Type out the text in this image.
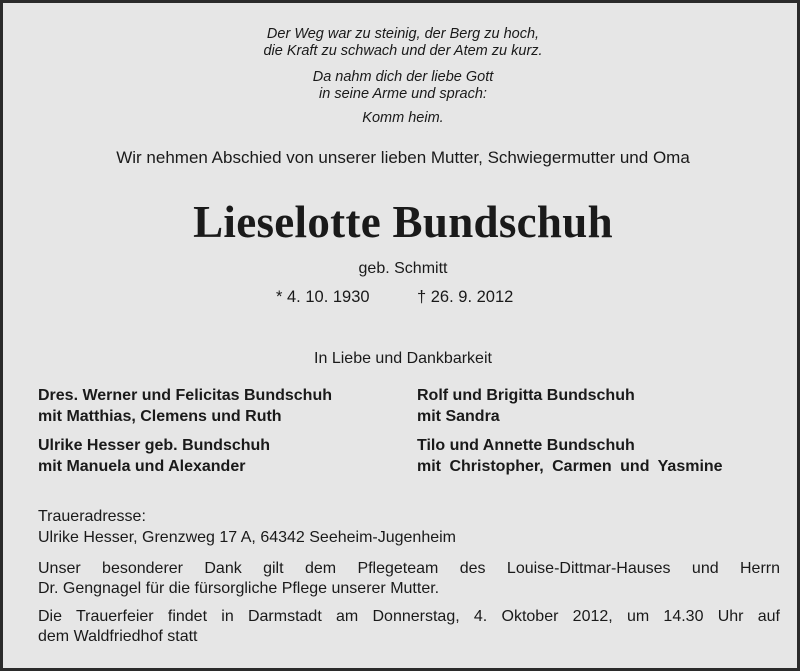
Der Weg war zu steinig, der Berg zu hoch,
die Kraft zu schwach und der Atem zu kurz.
Da nahm dich der liebe Gott
in seine Arme und sprach:
Komm heim.
Wir nehmen Abschied von unserer lieben Mutter, Schwiegermutter und Oma
Lieselotte Bundschuh
geb. Schmitt
* 4. 10. 1930	† 26. 9. 2012
In Liebe und Dankbarkeit
Dres. Werner und Felicitas Bundschuh
mit Matthias, Clemens und Ruth
Rolf und Brigitta Bundschuh
mit Sandra
Ulrike Hesser geb. Bundschuh
mit Manuela und Alexander
Tilo und Annette Bundschuh
mit Christopher, Carmen und Yasmine
Traueradresse:
Ulrike Hesser, Grenzweg 17 A, 64342 Seeheim-Jugenheim
Unser besonderer Dank gilt dem Pflegeteam des Louise-Dittmar-Hauses und Herrn
Dr. Gengnagel für die fürsorgliche Pflege unserer Mutter.
Die Trauerfeier findet in Darmstadt am Donnerstag, 4. Oktober 2012, um 14.30 Uhr auf
dem Waldfriedhof statt
